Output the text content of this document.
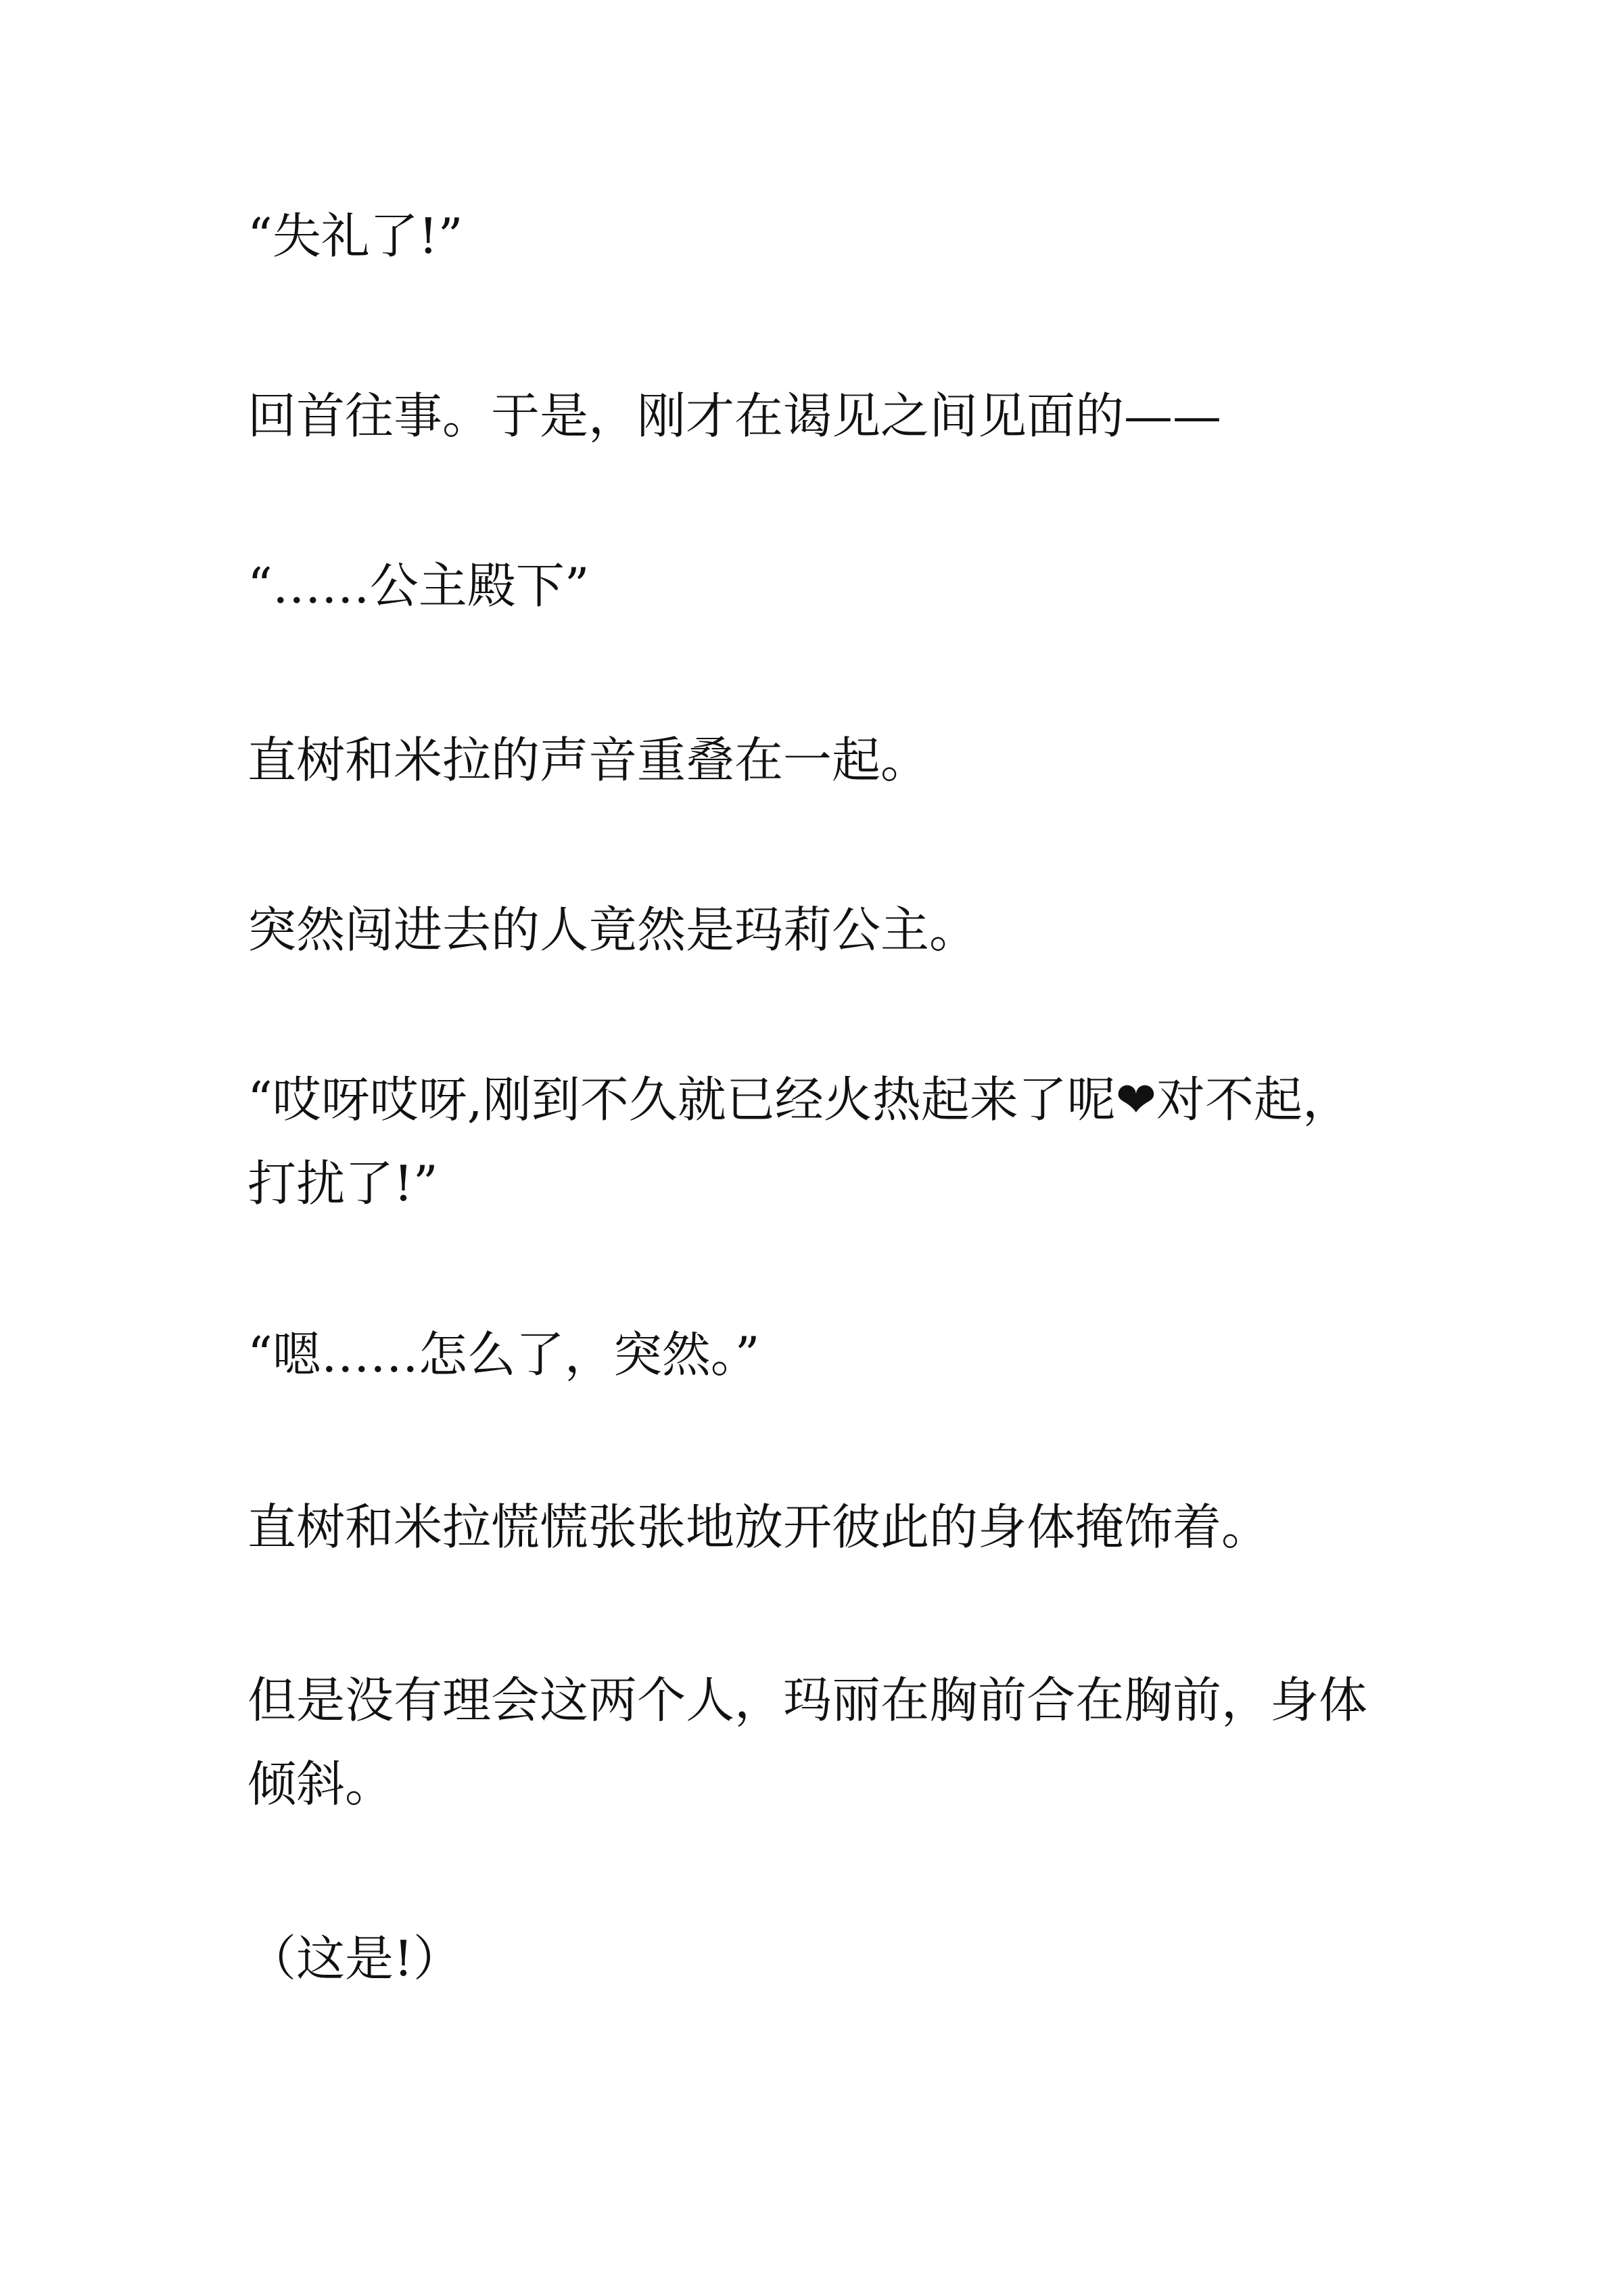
“失礼了!”
回首往事。于是，刚才在谒见之间见面的——
“……公主殿下”
直树和米拉的声音重叠在一起。
突然闯进去的人竟然是玛莉公主。
“哎呀哎呀,刚到不久就已经火热起来了呢❤对不起，
打扰了!”
“嗯……怎么了，突然。”
直树和米拉慌慌张张地放开彼此的身体掩饰着。
但是没有理会这两个人，玛丽在胸前合在胸前，身体
倾斜。
（这是!）
